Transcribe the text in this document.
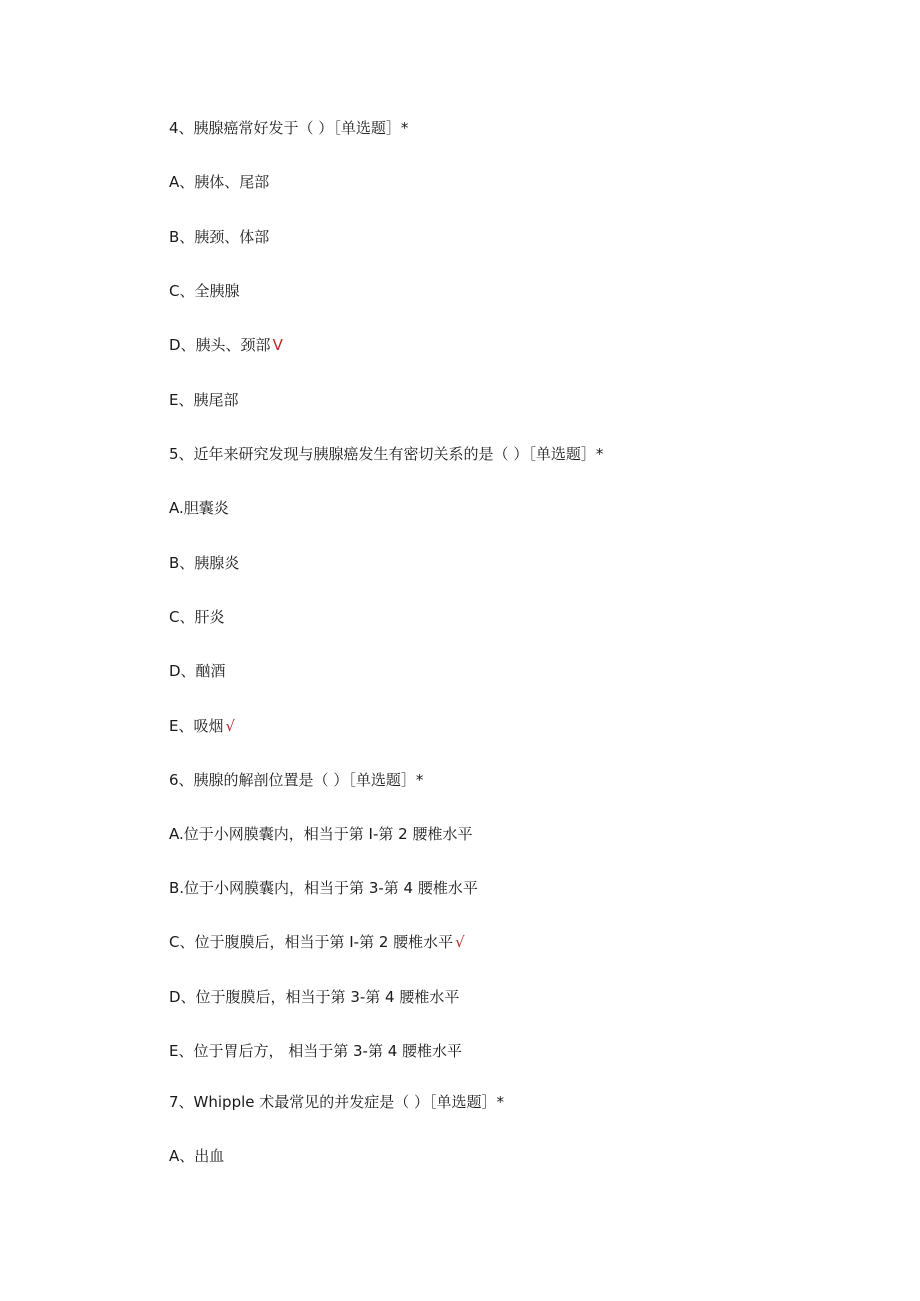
4、胰腺癌常好发于（ ）［单选题］*
A、胰体、尾部
B、胰颈、体部
C、全胰腺
D、胰头、颈部 V
E、胰尾部
5、近年来研究发现与胰腺癌发生有密切关系的是（ ）［单选题］*
A.胆囊炎
B、胰腺炎
C、肝炎
D、酗酒
E、吸烟 √
6、胰腺的解剖位置是（ ）［单选题］*
A.位于小网膜囊内，相当于第 I-第 2 腰椎水平
B.位于小网膜囊内，相当于第 3-第 4 腰椎水平
C、位于腹膜后，相当于第 I-第 2 腰椎水平 √
D、位于腹膜后，相当于第 3-第 4 腰椎水平
E、位于胃后方， 相当于第 3-第 4 腰椎水平
7、Whipple 术最常见的并发症是（ ）［单选题］*
A、出血
